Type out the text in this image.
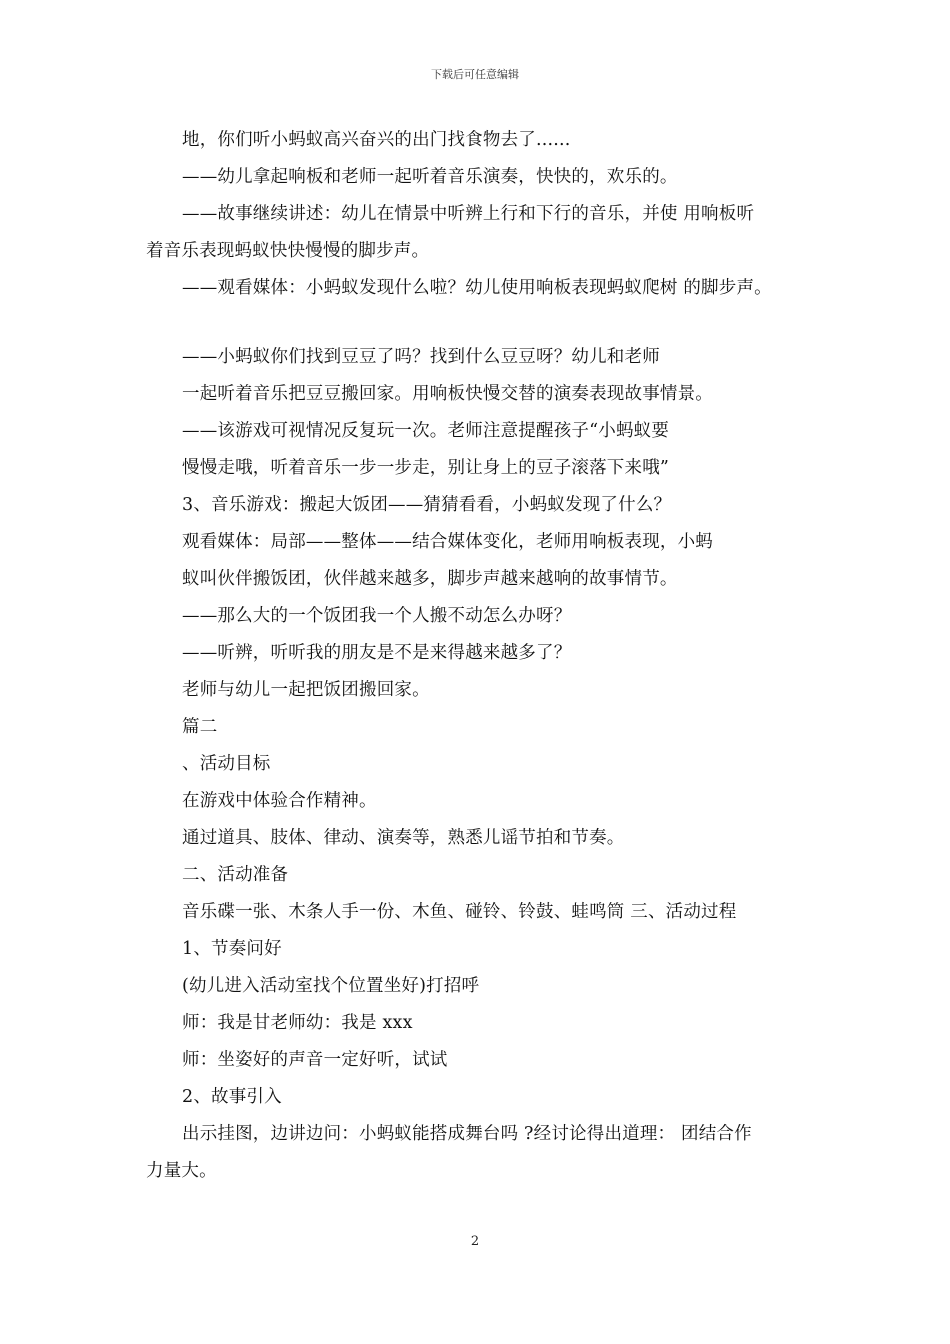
下载后可任意编辑
地，你们听小蚂蚁高兴奋兴的出门找食物去了......
——幼儿拿起响板和老师一起听着音乐演奏，快快的，欢乐的。
——故事继续讲述：幼儿在情景中听辨上行和下行的音乐，并使 用响板听
着音乐表现蚂蚁快快慢慢的脚步声。
——观看媒体：小蚂蚁发现什么啦？幼儿使用响板表现蚂蚁爬树 的脚步声。
——小蚂蚁你们找到豆豆了吗？找到什么豆豆呀？幼儿和老师
一起听着音乐把豆豆搬回家。用响板快慢交替的演奏表现故事情景。
——该游戏可视情况反复玩一次。老师注意提醒孩子“小蚂蚁要
慢慢走哦，听着音乐一步一步走，别让身上的豆子滚落下来哦”
3、音乐游戏：搬起大饭团——猜猜看看，小蚂蚁发现了什么？
观看媒体：局部——整体——结合媒体变化，老师用响板表现，小蚂
蚁叫伙伴搬饭团，伙伴越来越多，脚步声越来越响的故事情节。
——那么大的一个饭团我一个人搬不动怎么办呀？
——听辨，听听我的朋友是不是来得越来越多了？
老师与幼儿一起把饭团搬回家。
篇二
、活动目标
在游戏中体验合作精神。
通过道具、肢体、律动、演奏等，熟悉儿谣节拍和节奏。
二、活动准备
音乐碟一张、木条人手一份、木鱼、碰铃、铃鼓、蛙鸣筒 三、活动过程
1、节奏问好
(幼儿进入活动室找个位置坐好)打招呼
师：我是甘老师幼：我是 xxx
师：坐姿好的声音一定好听，试试
2、故事引入
出示挂图，边讲边问：小蚂蚁能搭成舞台吗 ?经讨论得出道理： 团结合作
力量大。
2
